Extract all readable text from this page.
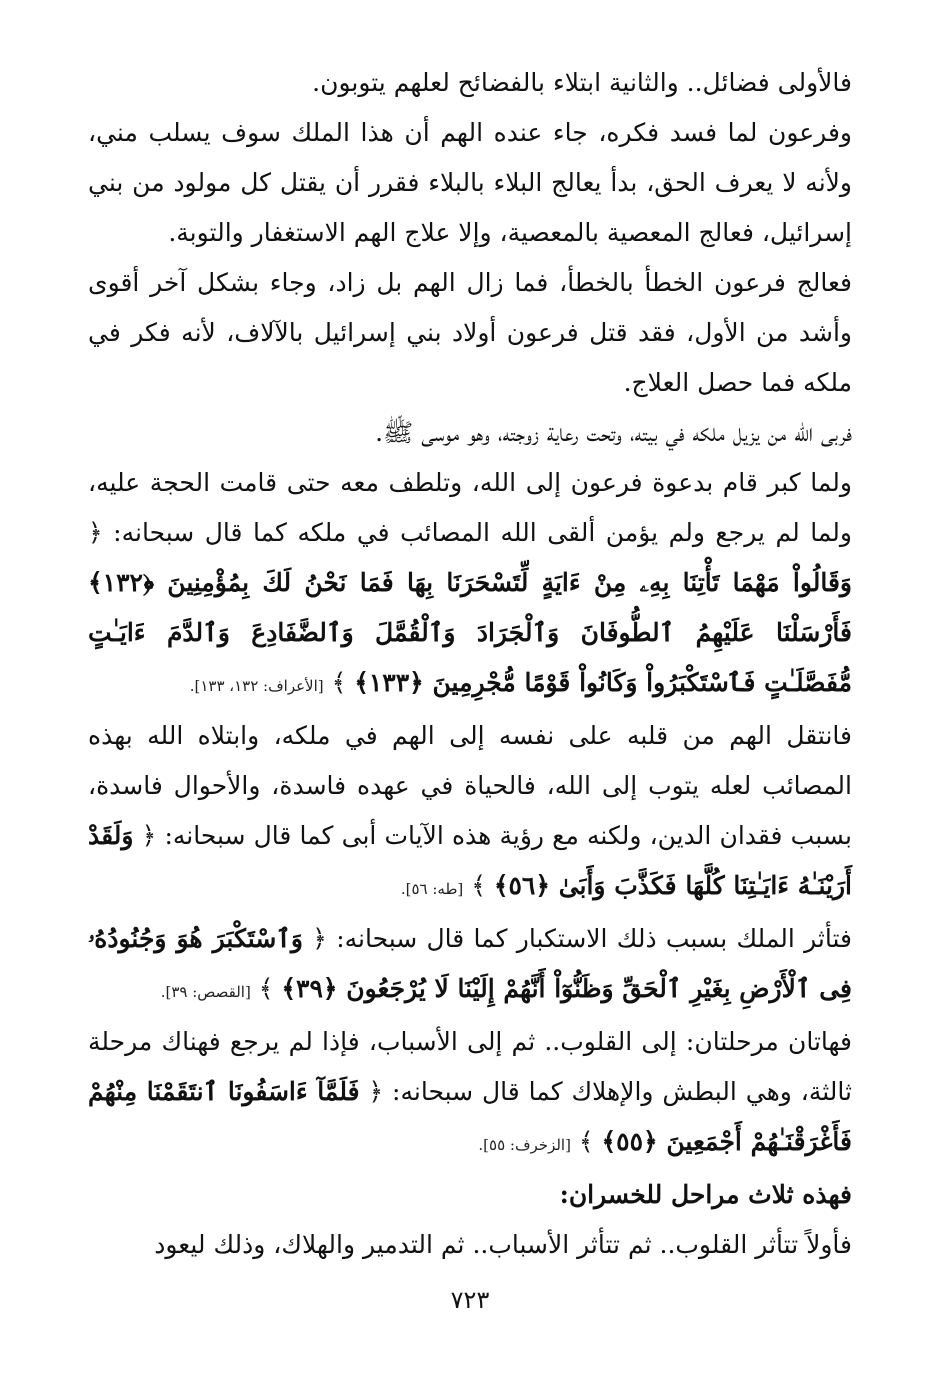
فالأولى فضائل.. والثانية ابتلاء بالفضائح لعلهم يتوبون.

وفرعون لما فسد فكره، جاء عنده الهم أن هذا الملك سوف يسلب مني، ولأنه لا يعرف الحق، بدأ يعالج البلاء بالبلاء فقرر أن يقتل كل مولود من بني إسرائيل، فعالج المعصية بالمعصية، وإلا علاج الهم الاستغفار والتوبة.

فعالج فرعون الخطأ بالخطأ، فما زال الهم بل زاد، وجاء بشكل آخر أقوى وأشد من الأول، فقد قتل فرعون أولاد بني إسرائيل بالآلاف، لأنه فكر في ملكه فما حصل العلاج.

فربى الله من يزيل ملكه في بيته، وتحت رعاية زوجته، وهو موسى ﷺ.

ولما كبر قام بدعوة فرعون إلى الله، وتلطف معه حتى قامت الحجة عليه، ولما لم يرجع ولم يؤمن ألقى الله المصائب في ملكه كما قال سبحانه: ﴿ وَقَالُواْ مَهْمَا تَأْتِنَا بِهِۦ مِنْ ءَايَةٍ لِّتَسْحَرَنَا بِهَا فَمَا نَحْنُ لَكَ بِمُؤْمِنِينَ ﴿١٣٢﴾ فَأَرْسَلْنَا عَلَيْهِمُ ٱلطُّوفَانَ وَٱلْجَرَادَ وَٱلْقُمَّلَ وَٱلضَّفَادِعَ وَٱلدَّمَ ءَايَـٰتٍ مُّفَصَّلَـٰتٍ فَٱسْتَكْبَرُواْ وَكَانُواْ قَوْمًا مُّجْرِمِينَ ﴿١٣٣﴾ ﴾ [الأعراف: ١٣٢، ١٣٣].

فانتقل الهم من قلبه على نفسه إلى الهم في ملكه، وابتلاه الله بهذه المصائب لعله يتوب إلى الله، فالحياة في عهده فاسدة، والأحوال فاسدة، بسبب فقدان الدين، ولكنه مع رؤية هذه الآيات أبى كما قال سبحانه: ﴿ وَلَقَدْ أَرَيْنَـٰهُ ءَايَـٰتِنَا كُلَّهَا فَكَذَّبَ وَأَبَىٰ ﴿٥٦﴾ ﴾ [طه: ٥٦].

فتأثر الملك بسبب ذلك الاستكبار كما قال سبحانه: ﴿ وَٱسْتَكْبَرَ هُوَ وَجُنُودُهُۥ فِى ٱلْأَرْضِ بِغَيْرِ ٱلْحَقِّ وَظَنُّوٓاْ أَنَّهُمْ إِلَيْنَا لَا يُرْجَعُونَ ﴿٣٩﴾ ﴾ [القصص: ٣٩].

فهاتان مرحلتان: إلى القلوب.. ثم إلى الأسباب، فإذا لم يرجع فهناك مرحلة ثالثة، وهي البطش والإهلاك كما قال سبحانه: ﴿ فَلَمَّآ ءَاسَفُونَا ٱنتَقَمْنَا مِنْهُمْ فَأَغْرَقْنَـٰهُمْ أَجْمَعِينَ ﴿٥٥﴾ ﴾ [الزخرف: ٥٥].

فهذه ثلاث مراحل للخسران:

فأولاً تتأثر القلوب.. ثم تتأثر الأسباب.. ثم التدمير والهلاك، وذلك ليعود

٧٢٣
